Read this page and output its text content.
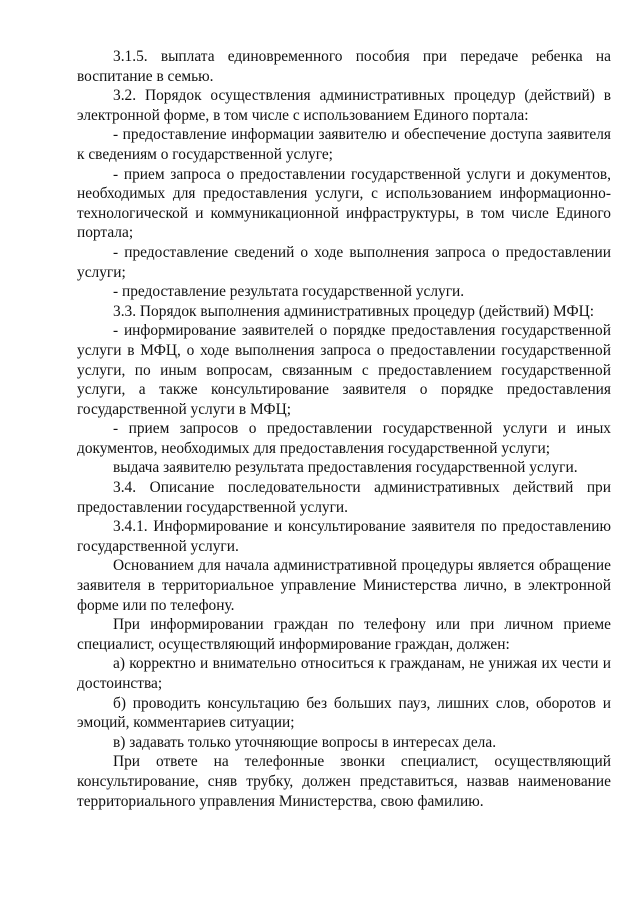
3.1.5. выплата единовременного пособия при передаче ребенка на воспитание в семью.

3.2. Порядок осуществления административных процедур (действий) в электронной форме, в том числе с использованием Единого портала:

- предоставление информации заявителю и обеспечение доступа заявителя к сведениям о государственной услуге;

- прием запроса о предоставлении государственной услуги и документов, необходимых для предоставления услуги, с использованием информационно-технологической и коммуникационной инфраструктуры, в том числе Единого портала;

- предоставление сведений о ходе выполнения запроса о предоставлении услуги;

- предоставление результата государственной услуги.

3.3. Порядок выполнения административных процедур (действий) МФЦ:

- информирование заявителей о порядке предоставления государственной услуги в МФЦ, о ходе выполнения запроса о предоставлении государственной услуги, по иным вопросам, связанным с предоставлением государственной услуги, а также консультирование заявителя о порядке предоставления государственной услуги в МФЦ;

- прием запросов о предоставлении государственной услуги и иных документов, необходимых для предоставления государственной услуги;

выдача заявителю результата предоставления государственной услуги.

3.4. Описание последовательности административных действий при предоставлении государственной услуги.

3.4.1. Информирование и консультирование заявителя по предоставлению государственной услуги.

Основанием для начала административной процедуры является обращение заявителя в территориальное управление Министерства лично, в электронной форме или по телефону.

При информировании граждан по телефону или при личном приеме специалист, осуществляющий информирование граждан, должен:

а) корректно и внимательно относиться к гражданам, не унижая их чести и достоинства;

б) проводить консультацию без больших пауз, лишних слов, оборотов и эмоций, комментариев ситуации;

в) задавать только уточняющие вопросы в интересах дела.

При ответе на телефонные звонки специалист, осуществляющий консультирование, сняв трубку, должен представиться, назвав наименование территориального управления Министерства, свою фамилию.
